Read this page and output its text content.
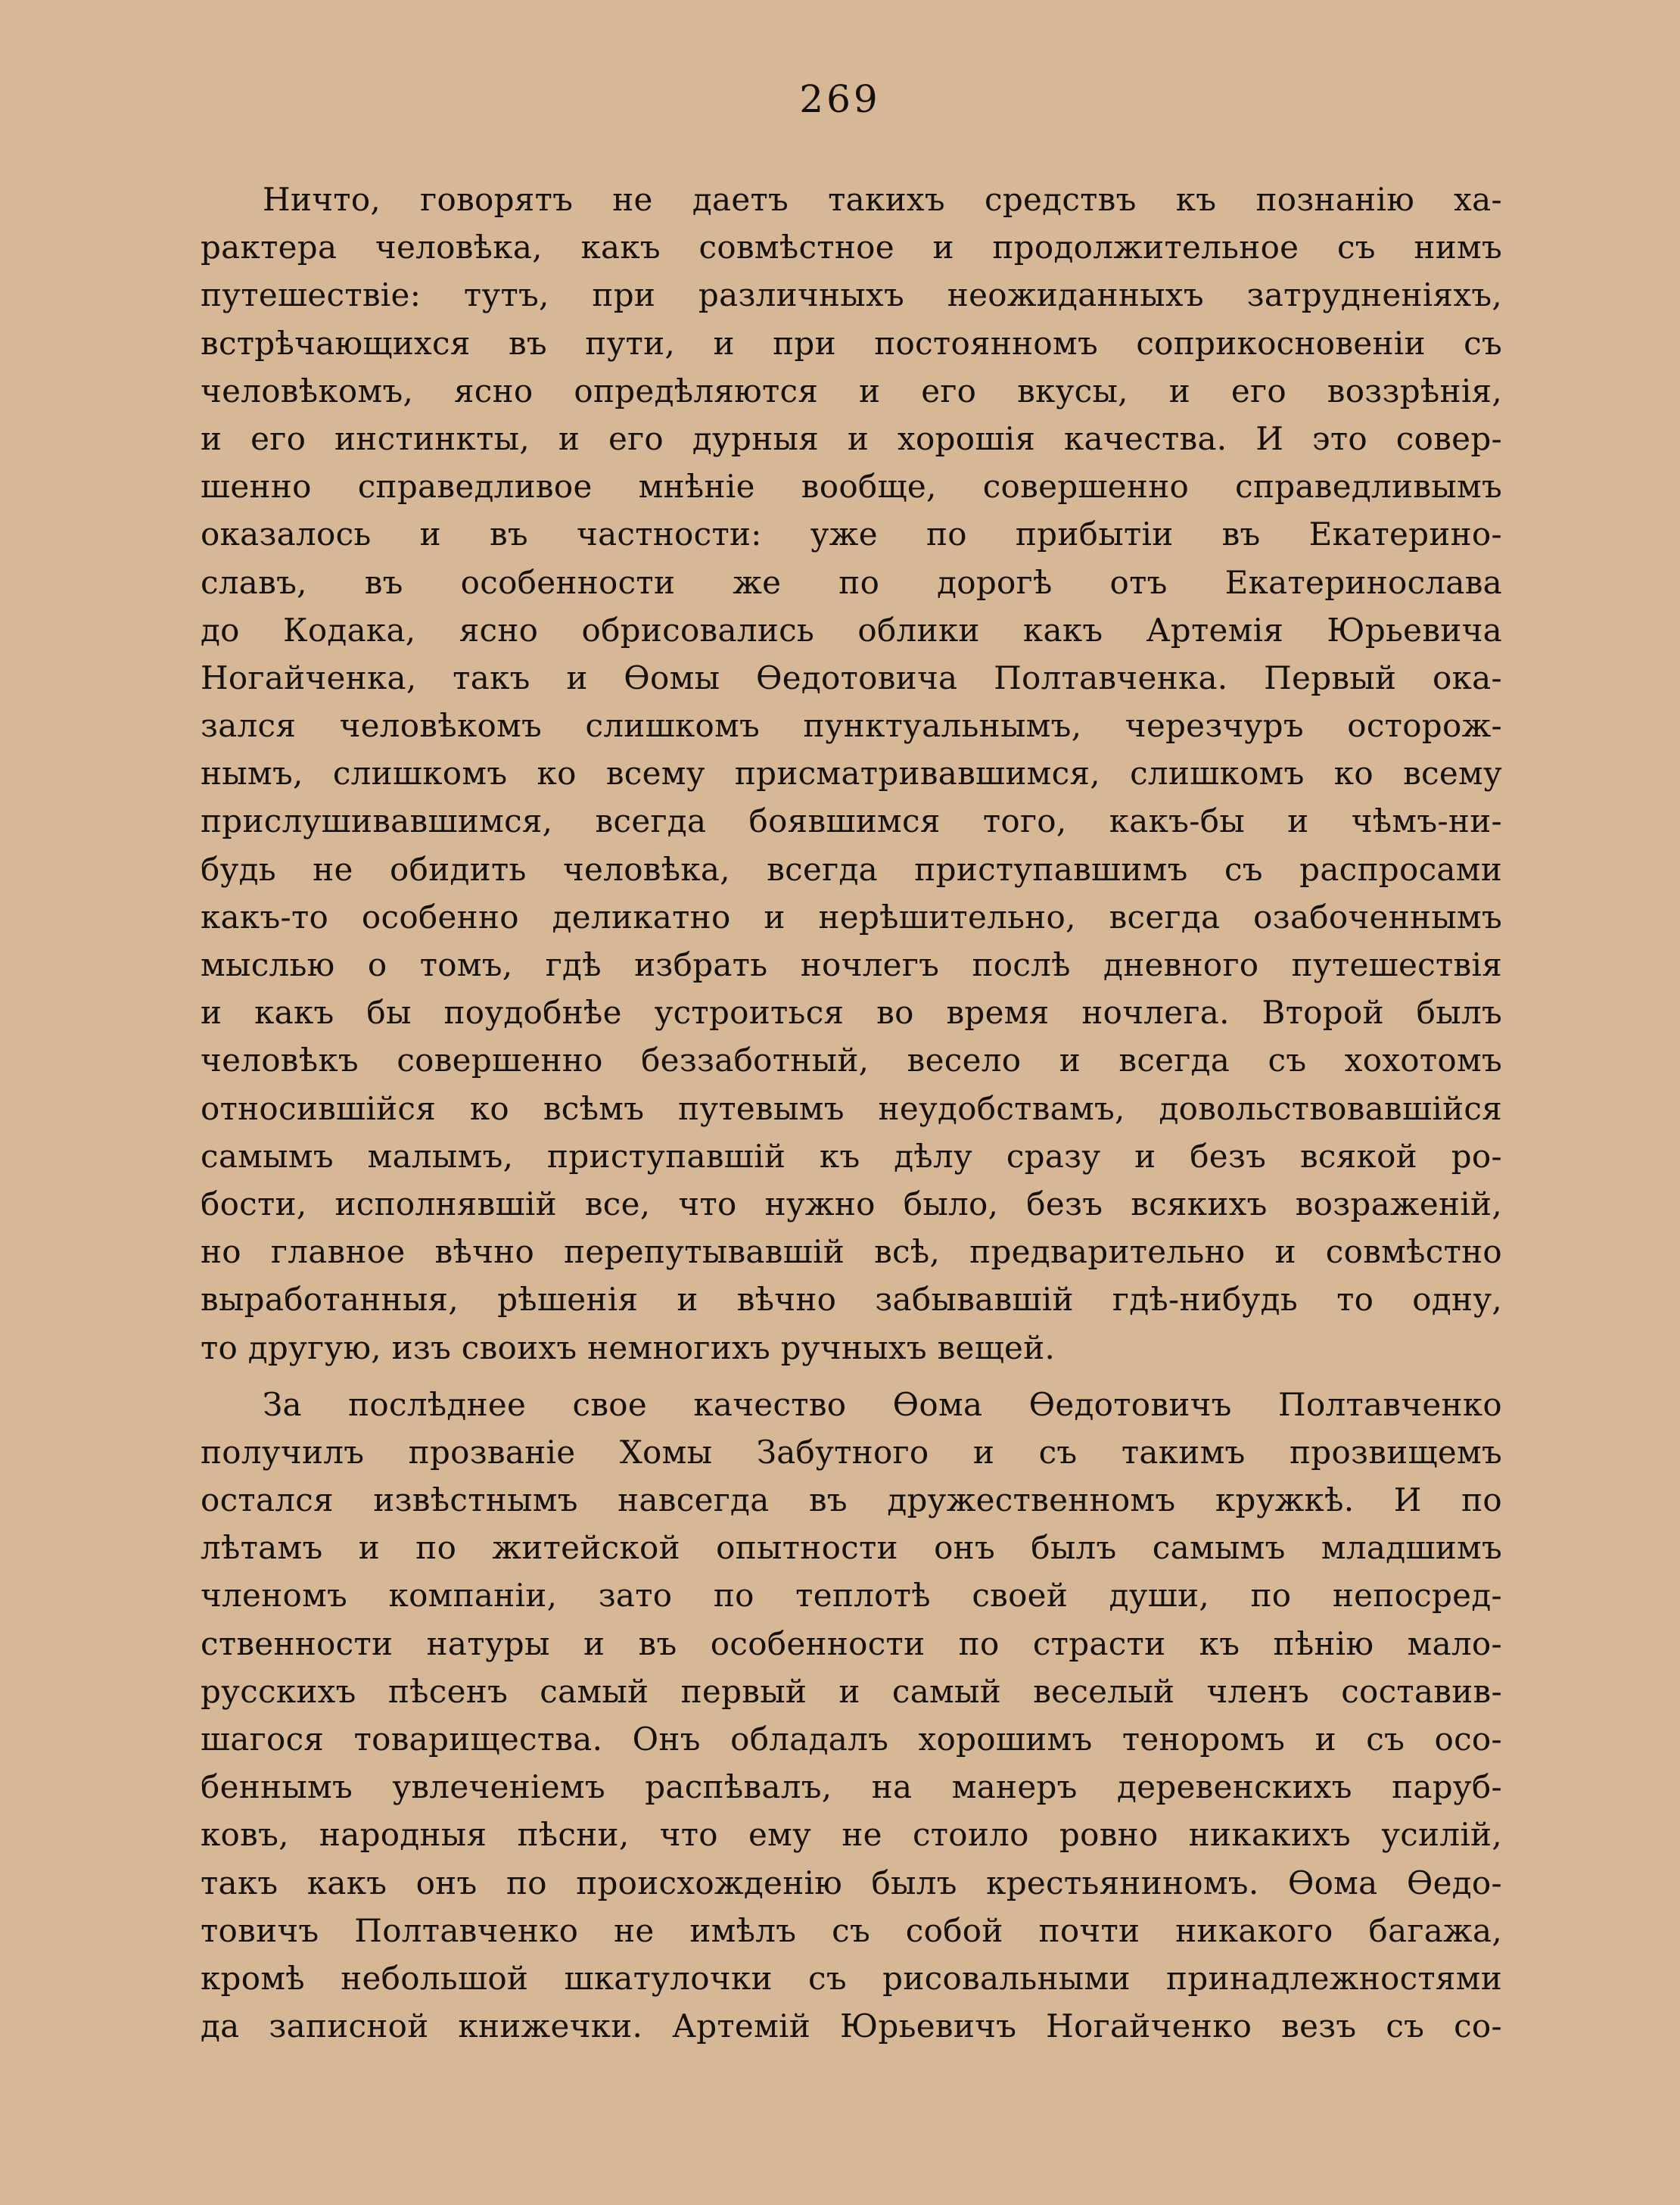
269
Ничто, говорятъ не даетъ такихъ средствъ къ познанію ха-
рактера человѣка, какъ совмѣстное и продолжительное съ нимъ
путешествіе: тутъ, при различныхъ неожиданныхъ затрудненіяхъ,
встрѣчающихся въ пути, и при постоянномъ соприкосновеніи съ
человѣкомъ, ясно опредѣляются и его вкусы, и его воззрѣнія,
и его инстинкты, и его дурныя и хорошія качества. И это совер-
шенно справедливое мнѣніе вообще, совершенно справедливымъ
оказалось и въ частности: уже по прибытіи въ Екатерино-
славъ, въ особенности же по дорогѣ отъ Екатеринослава
до Кодака, ясно обрисовались облики какъ Артемія Юрьевича
Ногайченка, такъ и Ѳомы Ѳедотовича Полтавченка. Первый ока-
зался человѣкомъ слишкомъ пунктуальнымъ, черезчуръ осторож-
нымъ, слишкомъ ко всему присматривавшимся, слишкомъ ко всему
прислушивавшимся, всегда боявшимся того, какъ-бы и чѣмъ-ни-
будь не обидить человѣка, всегда приступавшимъ съ распросами
какъ-то особенно деликатно и нерѣшительно, всегда озабоченнымъ
мыслью о томъ, гдѣ избрать ночлегъ послѣ дневного путешествія
и какъ бы поудобнѣе устроиться во время ночлега. Второй былъ
человѣкъ совершенно беззаботный, весело и всегда съ хохотомъ
относившійся ко всѣмъ путевымъ неудобствамъ, довольствовавшійся
самымъ малымъ, приступавшій къ дѣлу сразу и безъ всякой ро-
бости, исполнявшій все, что нужно было, безъ всякихъ возраженій,
но главное вѣчно перепутывавшій всѣ, предварительно и совмѣстно
выработанныя, рѣшенія и вѣчно забывавшій гдѣ-нибудь то одну,
то другую, изъ своихъ немногихъ ручныхъ вещей.
За послѣднее свое качество Ѳома Ѳедотовичъ Полтавченко
получилъ прозваніе Хомы Забутного и съ такимъ прозвищемъ
остался извѣстнымъ навсегда въ дружественномъ кружкѣ. И по
лѣтамъ и по житейской опытности онъ былъ самымъ младшимъ
членомъ компаніи, зато по теплотѣ своей души, по непосред-
ственности натуры и въ особенности по страсти къ пѣнію мало-
русскихъ пѣсенъ самый первый и самый веселый членъ составив-
шагося товарищества. Онъ обладалъ хорошимъ теноромъ и съ осо-
беннымъ увлеченіемъ распѣвалъ, на манеръ деревенскихъ паруб-
ковъ, народныя пѣсни, что ему не стоило ровно никакихъ усилій,
такъ какъ онъ по происхожденію былъ крестьяниномъ. Ѳома Ѳедо-
товичъ Полтавченко не имѣлъ съ собой почти никакого багажа,
кромѣ небольшой шкатулочки съ рисовальными принадлежностями
да записной книжечки. Артемій Юрьевичъ Ногайченко везъ съ со-
